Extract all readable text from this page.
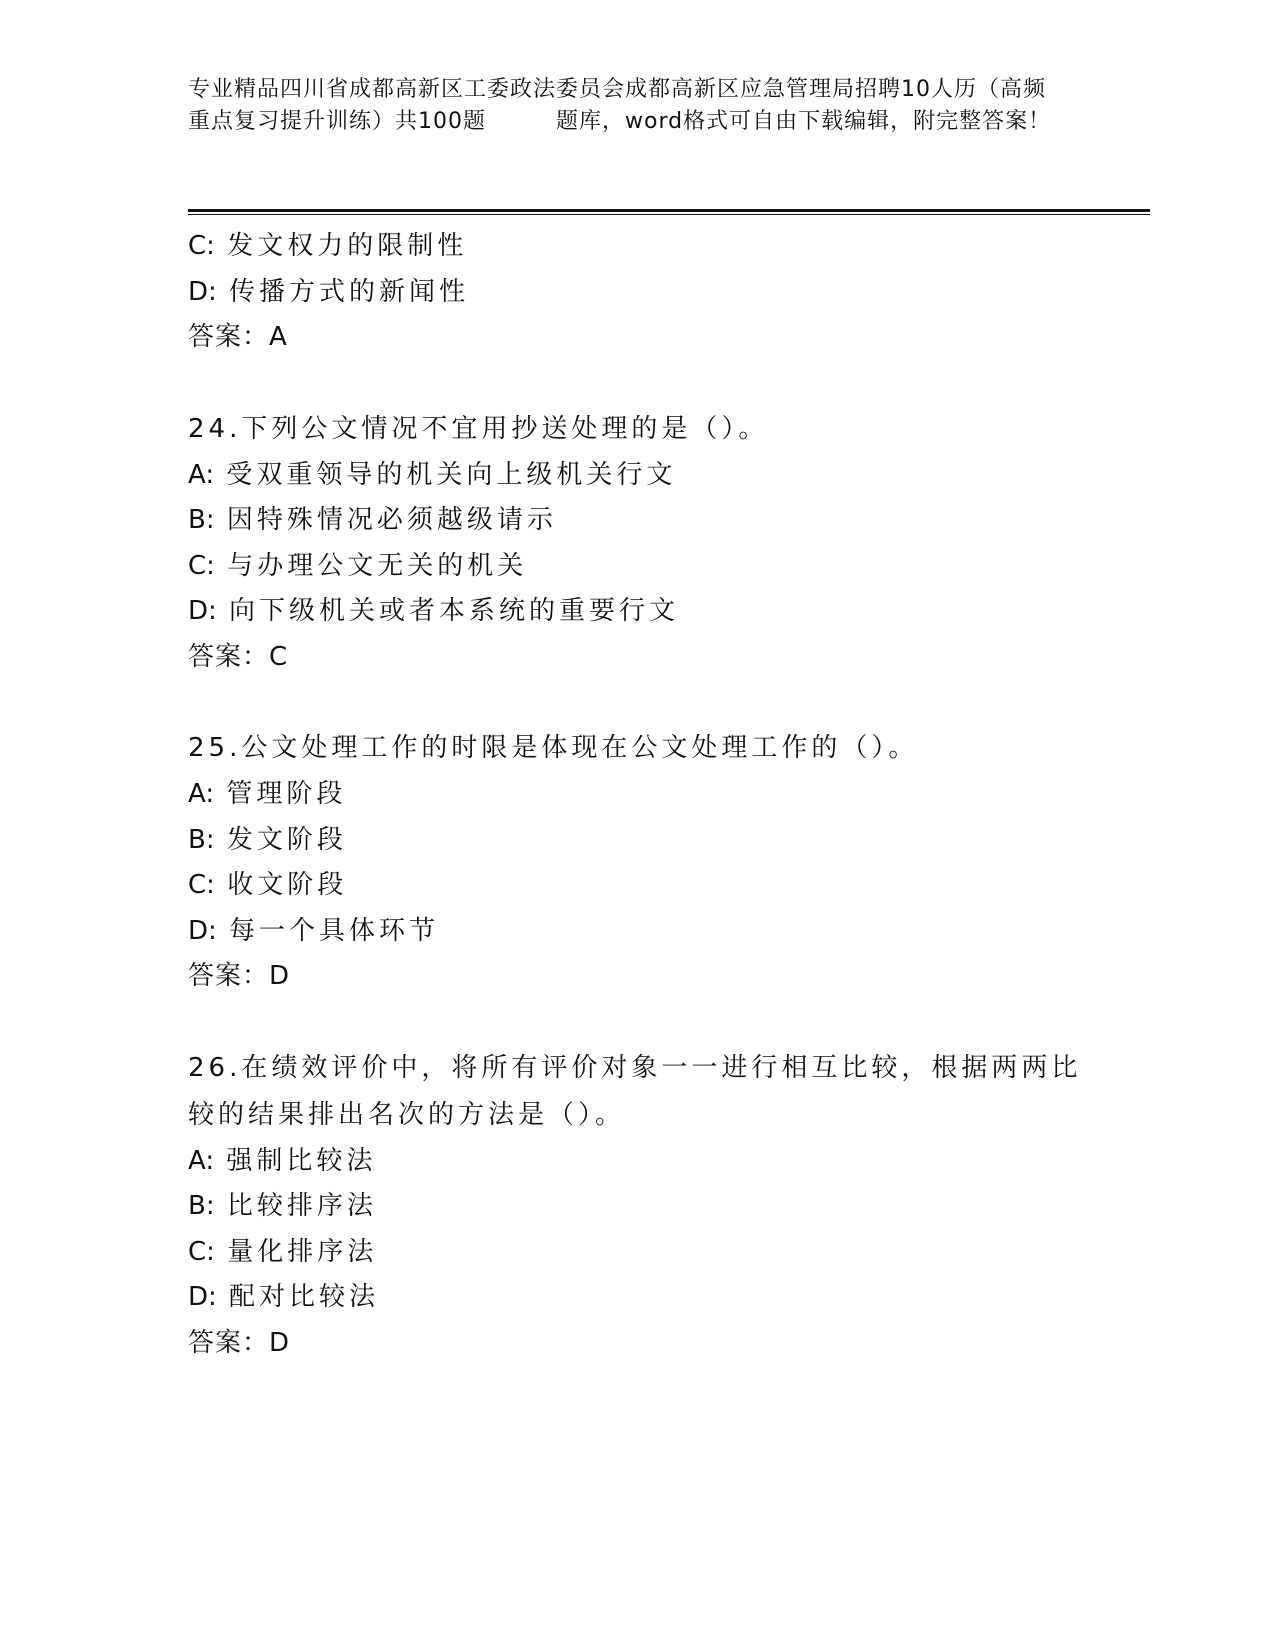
专业精品四川省成都高新区工委政法委员会成都高新区应急管理局招聘10人历（高频重点复习提升训练）共100题	题库，word格式可自由下载编辑，附完整答案！
C: 发文权力的限制性
D: 传播方式的新闻性
答案：A
24.下列公文情况不宜用抄送处理的是（）。
A: 受双重领导的机关向上级机关行文
B: 因特殊情况必须越级请示
C: 与办理公文无关的机关
D: 向下级机关或者本系统的重要行文
答案：C
25.公文处理工作的时限是体现在公文处理工作的（）。
A: 管理阶段
B: 发文阶段
C: 收文阶段
D: 每一个具体环节
答案：D
26.在绩效评价中，将所有评价对象一一进行相互比较，根据两两比较的结果排出名次的方法是（）。
A: 强制比较法
B: 比较排序法
C: 量化排序法
D: 配对比较法
答案：D
